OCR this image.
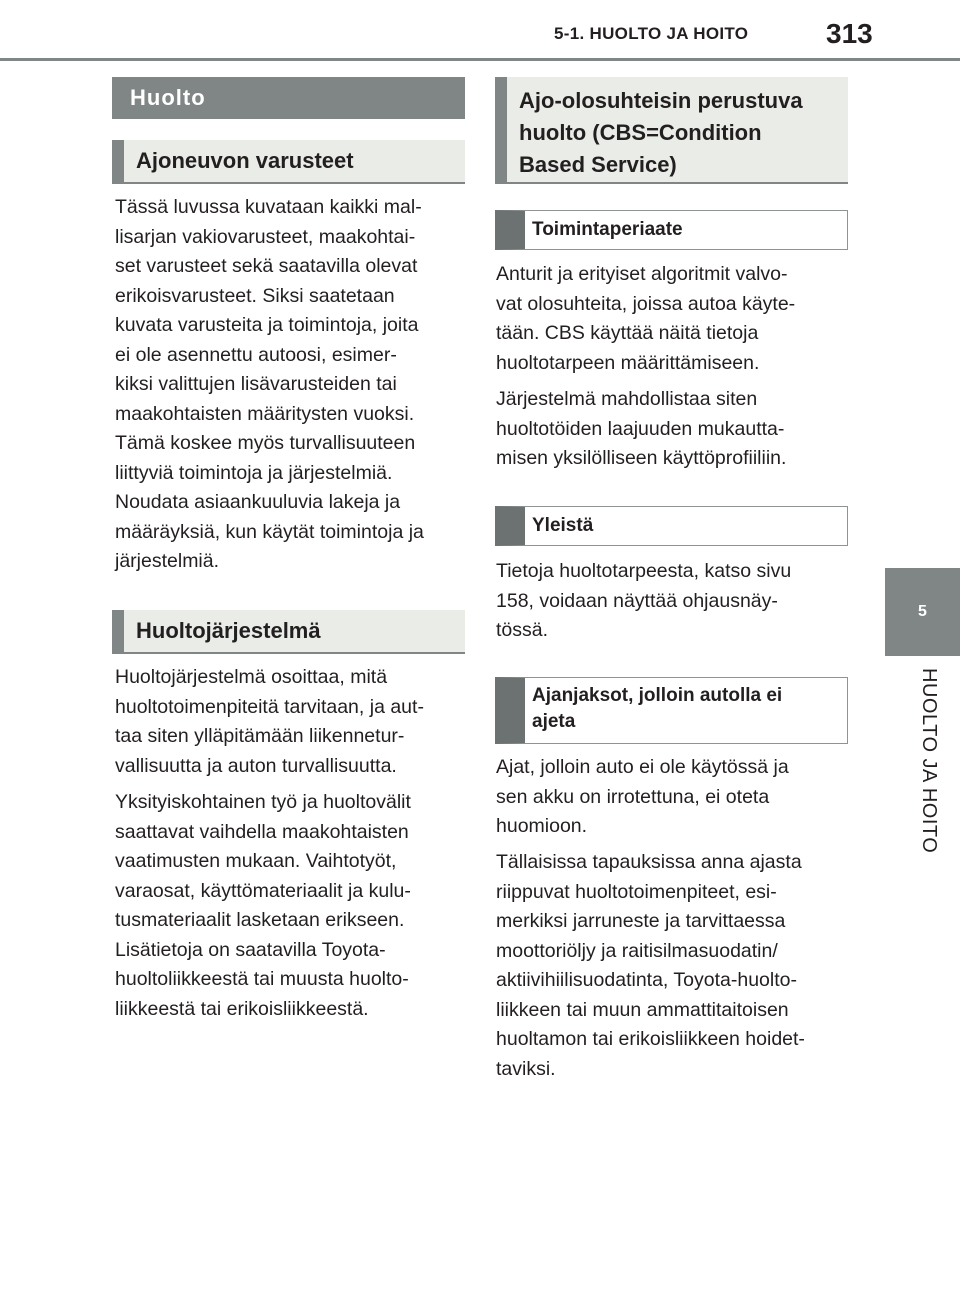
5-1. HUOLTO JA HOITO	313
5
HUOLTO JA HOITO
Huolto
Ajoneuvon varusteet
Tässä luvussa kuvataan kaikki mal-
lisarjan vakiovarusteet, maakohtai-
set varusteet sekä saatavilla olevat
erikoisvarusteet. Siksi saatetaan
kuvata varusteita ja toimintoja, joita
ei ole asennettu autoosi, esimer-
kiksi valittujen lisävarusteiden tai
maakohtaisten määritysten vuoksi.
Tämä koskee myös turvallisuuteen
liittyviä toimintoja ja järjestelmiä.
Noudata asiaankuuluvia lakeja ja
määräyksiä, kun käytät toimintoja ja
järjestelmiä.
Huoltojärjestelmä
Huoltojärjestelmä osoittaa, mitä
huoltotoimenpiteitä tarvitaan, ja aut-
taa siten ylläpitämään liikennetur-
vallisuutta ja auton turvallisuutta.
Yksityiskohtainen työ ja huoltovälit
saattavat vaihdella maakohtaisten
vaatimusten mukaan. Vaihtotyöt,
varaosat, käyttömateriaalit ja kulu-
tusmateriaalit lasketaan erikseen.
Lisätietoja on saatavilla Toyota-
huoltoliikkeestä tai muusta huolto-
liikkeestä tai erikoisliikkeestä.
Ajo-olosuhteisin perustuva
huolto (CBS=Condition
Based Service)
Toimintaperiaate
Anturit ja erityiset algoritmit valvo-
vat olosuhteita, joissa autoa käyte-
tään. CBS käyttää näitä tietoja
huoltotarpeen määrittämiseen.
Järjestelmä mahdollistaa siten
huoltotöiden laajuuden mukautta-
misen yksilölliseen käyttöprofiiliin.
Yleistä
Tietoja huoltotarpeesta, katso sivu
158, voidaan näyttää ohjausnäy-
tössä.
Ajanjaksot, jolloin autolla ei
ajeta
Ajat, jolloin auto ei ole käytössä ja
sen akku on irrotettuna, ei oteta
huomioon.
Tällaisissa tapauksissa anna ajasta
riippuvat huoltotoimenpiteet, esi-
merkiksi jarruneste ja tarvittaessa
moottoriöljy ja raitisilmasuodatin/
aktiivihiilisuodatinta, Toyota-huolto-
liikkeen tai muun ammattitaitoisen
huoltamon tai erikoisliikkeen hoidet-
taviksi.
